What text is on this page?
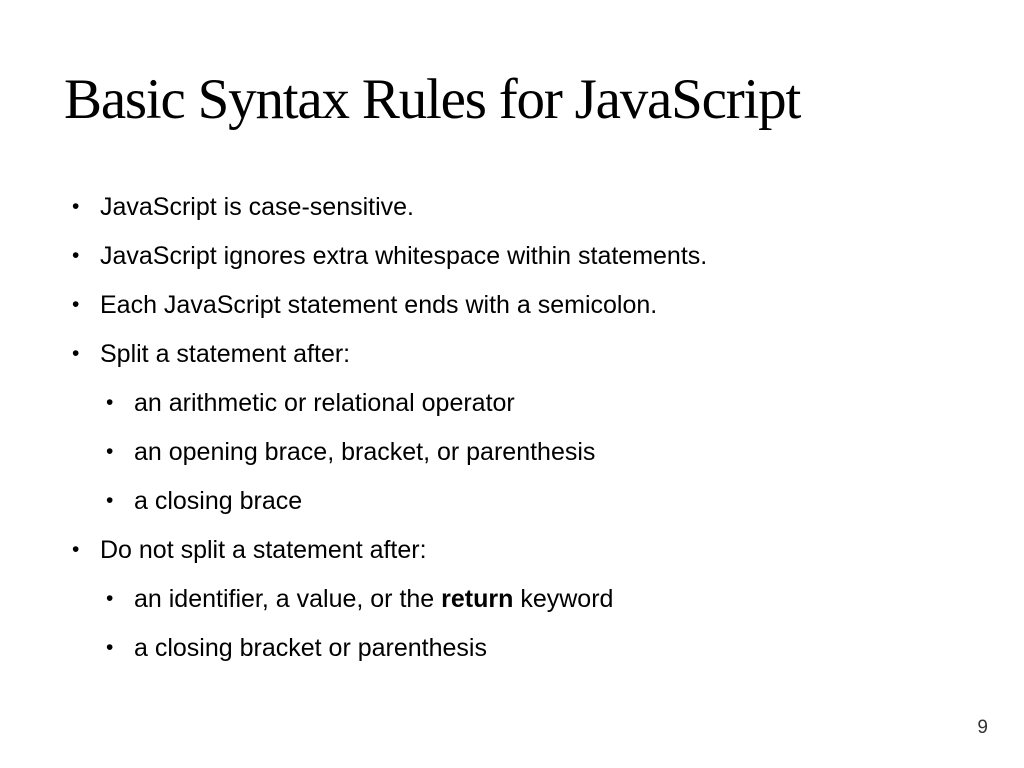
Basic Syntax Rules for JavaScript
• JavaScript is case-sensitive.
• JavaScript ignores extra whitespace within statements.
• Each JavaScript statement ends with a semicolon.
• Split a statement after:
• an arithmetic or relational operator
• an opening brace, bracket, or parenthesis
• a closing brace
• Do not split a statement after:
• an identifier, a value, or the return keyword
• a closing bracket or parenthesis
9
